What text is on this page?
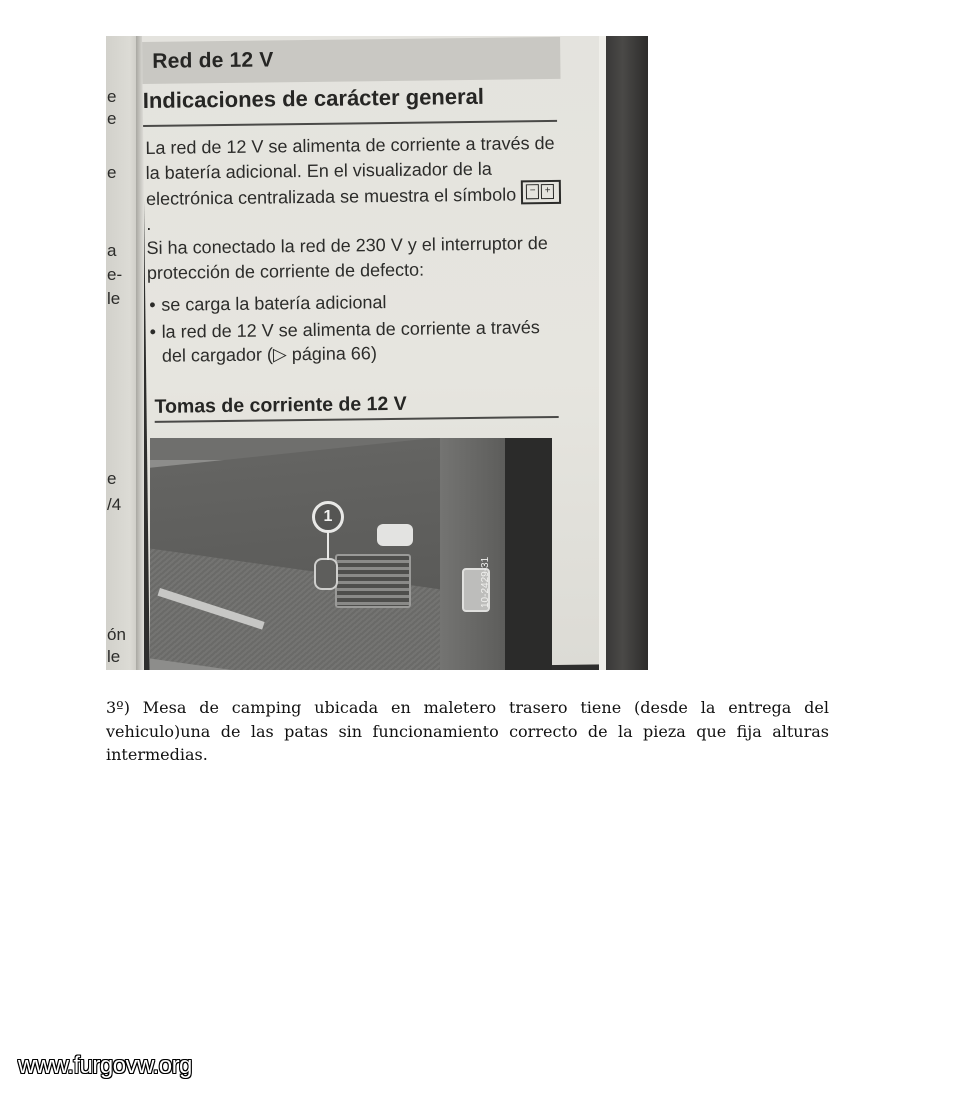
e
e
e
a
e-
le
e
/4
ón
le
Red de 12 V
Indicaciones de carácter general

La red de 12 V se alimenta de corriente a través de la batería adicional. En el visualizador de la electrónica centralizada se muestra el símbolo	− +
.

Si ha conectado la red de 230 V y el interruptor de protección de corriente de defecto:

• se carga la batería adicional
• la red de 12 V se alimenta de corriente a través del cargador (▷ página 66)
Tomas de corriente de 12 V
1
10-2429-31

3º) Mesa de camping ubicada en maletero trasero tiene (desde la entrega del vehiculo)una de las patas sin funcionamiento correcto de la pieza que fija alturas intermedias.

www.furgovw.org
